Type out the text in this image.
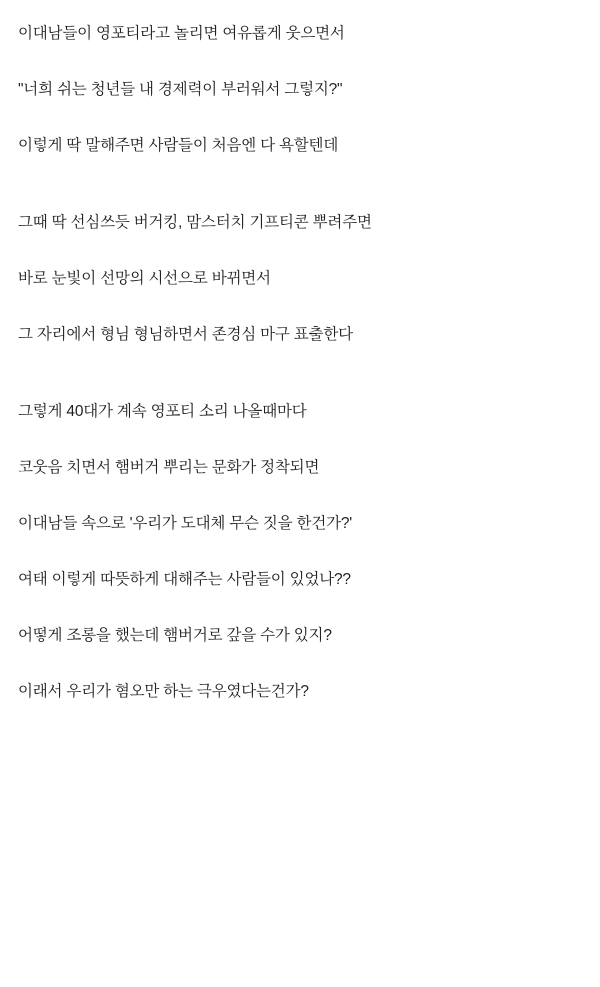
이대남들이 영포티라고 놀리면 여유롭게 웃으면서

"너희 쉬는 청년들 내 경제력이 부러워서 그렇지?"

이렇게 딱 말해주면 사람들이 처음엔 다 욕할텐데

그때 딱 선심쓰듯 버거킹, 맘스터치 기프티콘 뿌려주면

바로 눈빛이 선망의 시선으로 바뀌면서

그 자리에서 형님 형님하면서 존경심 마구 표출한다

그렇게 40대가 계속 영포티 소리 나올때마다

코웃음 치면서 햄버거 뿌리는 문화가 정착되면

이대남들 속으로 '우리가 도대체 무슨 짓을 한건가?'

여태 이렇게 따뜻하게 대해주는 사람들이 있었나??

어떻게 조롱을 했는데 햄버거로 갚을 수가 있지?

이래서 우리가 혐오만 하는 극우였다는건가?
